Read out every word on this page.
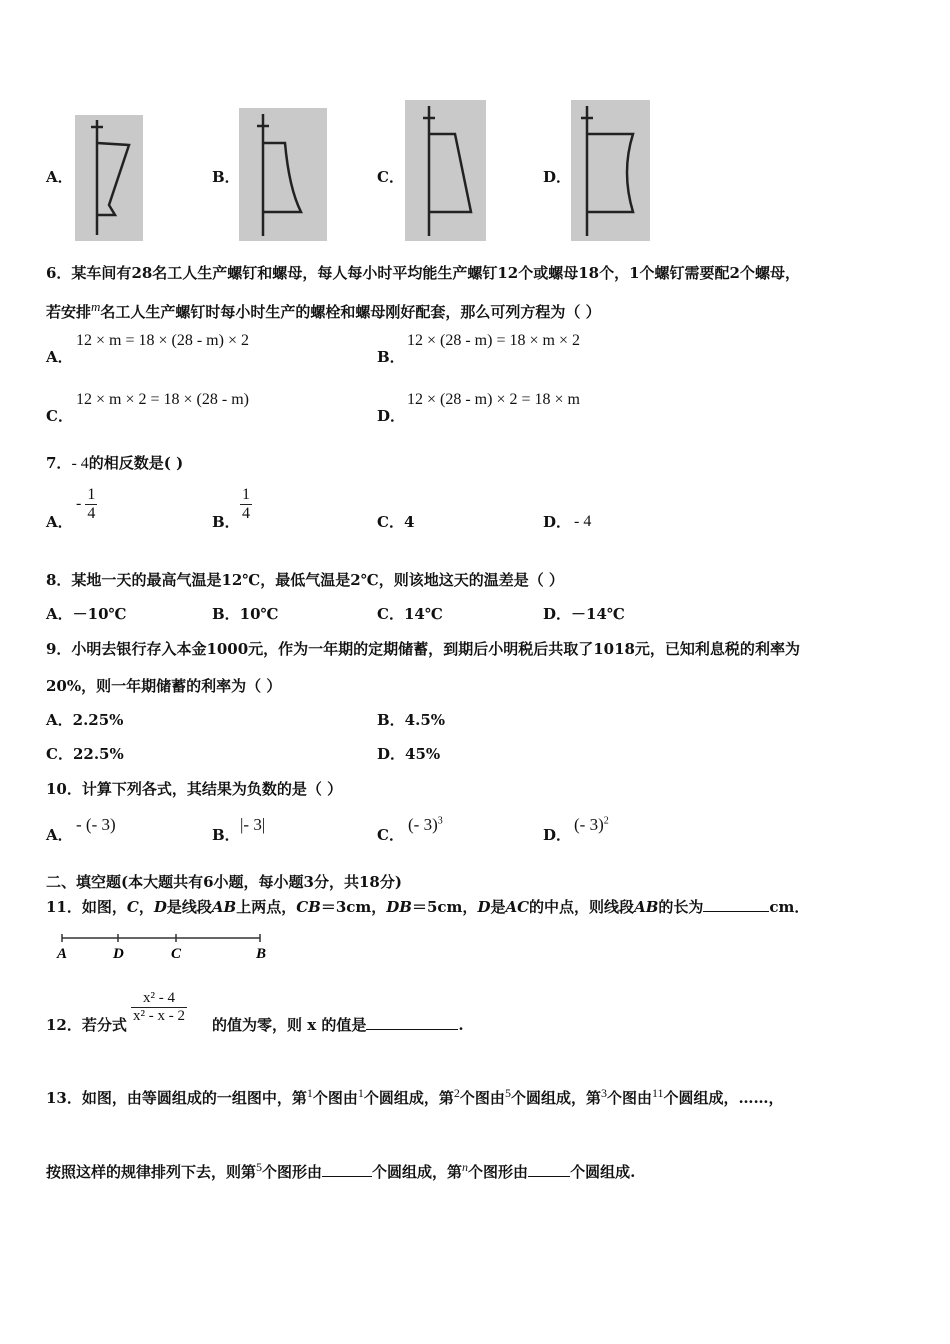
A．	B．	C．	D．
6．某车间有28名工人生产螺钉和螺母，每人每小时平均能生产螺钉12个或螺母18个，1个螺钉需要配2个螺母，
若安排m名工人生产螺钉时每小时生产的螺栓和螺母刚好配套，那么可列方程为（ ）
A．
12 × m = 18 × (28 - m) × 2
B．
12 × (28 - m) = 18 × m × 2
C．
12 × m × 2 = 18 × (28 - m)
D．
12 × (28 - m) × 2 = 18 × m
7．- 4的相反数是( )
A．
- $\frac{1}{4}$	B． $\frac{1}{4}$	C．4	D． - 4
8．某地一天的最高气温是12℃，最低气温是2℃，则该地这天的温差是（ ）
A．－10℃	B．10℃	C．14℃	D．－14℃
9．小明去银行存入本金1000元，作为一年期的定期储蓄，到期后小明税后共取了1018元，已知利息税的利率为
20%，则一年期储蓄的利率为（ ）
A．2.25%	B．4.5%
C．22.5%	D．45%
10．计算下列各式，其结果为负数的是（ ）
A．
- (- 3)
B．
|- 3|
C．
(- 3)$^3$
D．
(- 3)$^2$
二、填空题(本大题共有6小题，每小题3分，共18分)
11．如图，C，D是线段AB上两点，CB＝3cm，DB＝5cm，D是AC的中点，则线段AB的长为	cm．
A	D	C	B
12．若分式 $\frac{\text{x² - 4}}{\text{x² - x - 2}}$ 的值为零，则 x 的值是	.
13．如图，由等圆组成的一组图中，第$^1$个图由$^1$个圆组成，第$^2$个图由$^5$个圆组成，第$^3$个图由$^{11}$个圆组成，……，
按照这样的规律排列下去，则第$^5$个图形由	个圆组成，第$^n$个图形由	个圆组成.
